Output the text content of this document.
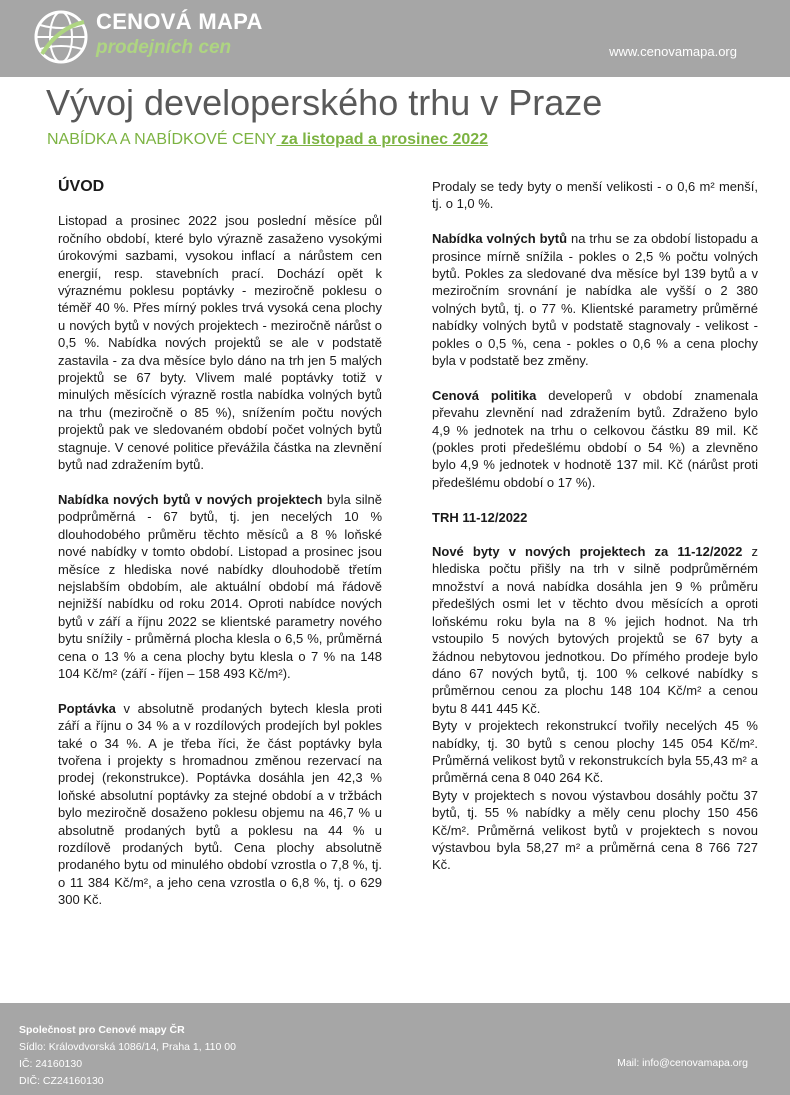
CENOVÁ MAPA
prodejních cen	www.cenovamapa.org
Vývoj developerského trhu v Praze
NABÍDKA A NABÍDKOVÉ CENY za listopad a prosinec 2022
ÚVOD

Listopad a prosinec 2022 jsou poslední měsíce půl ročního období, které bylo výrazně zasaženo vysokými úrokovými sazbami, vysokou inflací a nárůstem cen energií, resp. stavebních prací. Dochází opět k výraznému poklesu poptávky - meziročně poklesu o téměř 40 %. Přes mírný pokles trvá vysoká cena plochy u nových bytů v nových projektech - meziročně nárůst o 0,5 %. Nabídka nových projektů se ale v podstatě zastavila - za dva měsíce bylo dáno na trh jen 5 malých projektů se 67 byty. Vlivem malé poptávky totiž v minulých měsících výrazně rostla nabídka volných bytů na trhu (meziročně o 85 %), snížením počtu nových projektů pak ve sledovaném období počet volných bytů stagnuje. V cenové politice převážila částka na zlevnění bytů nad zdražením bytů.

Nabídka nových bytů v nových projektech byla silně podprůměrná - 67 bytů, tj. jen necelých 10 % dlouhodobého průměru těchto měsíců a 8 % loňské nové nabídky v tomto období. Listopad a prosinec jsou měsíce z hlediska nové nabídky dlouhodobě třetím nejslabším obdobím, ale aktuální období má řádově nejnižší nabídku od roku 2014. Oproti nabídce nových bytů v září a říjnu 2022 se klientské parametry nového bytu snížily - průměrná plocha klesla o 6,5 %, průměrná cena o 13 % a cena plochy bytu klesla o 7 % na 148 104 Kč/m² (září - říjen – 158 493 Kč/m²).

Poptávka v absolutně prodaných bytech klesla proti září a říjnu o 34 % a v rozdílových prodejích byl pokles také o 34 %. A je třeba říci, že část poptávky byla tvořena i projekty s hromadnou změnou rezervací na prodej (rekonstrukce). Poptávka dosáhla jen 42,3 % loňské absolutní poptávky za stejné období a v tržbách bylo meziročně dosaženo poklesu objemu na 46,7 % u absolutně prodaných bytů a poklesu na 44 % u rozdílově prodaných bytů. Cena plochy absolutně prodaného bytu od minulého období vzrostla o 7,8 %, tj. o 11 384 Kč/m², a jeho cena vzrostla o 6,8 %, tj. o 629 300 Kč.

Prodaly se tedy byty o menší velikosti - o 0,6 m² menší, tj. o 1,0 %.

Nabídka volných bytů na trhu se za období listopadu a prosince mírně snížila - pokles o 2,5 % počtu volných bytů. Pokles za sledované dva měsíce byl 139 bytů a v meziročním srovnání je nabídka ale vyšší o 2 380 volných bytů, tj. o 77 %. Klientské parametry průměrné nabídky volných bytů v podstatě stagnovaly - velikost - pokles o 0,5 %, cena - pokles o 0,6 % a cena plochy byla v podstatě bez změny.

Cenová politika developerů v období znamenala převahu zlevnění nad zdražením bytů. Zdraženo bylo 4,9 % jednotek na trhu o celkovou částku 89 mil. Kč (pokles proti předešlému období o 54 %) a zlevněno bylo 4,9 % jednotek v hodnotě 137 mil. Kč (nárůst proti předešlému období o 17 %).

TRH 11-12/2022

Nové byty v nových projektech za 11-12/2022 z hlediska počtu přišly na trh v silně podprůměrném množství a nová nabídka dosáhla jen 9 % průměru předešlých osmi let v těchto dvou měsících a oproti loňskému roku byla na 8 % jejich hodnot. Na trh vstoupilo 5 nových bytových projektů se 67 byty a žádnou nebytovou jednotkou. Do přímého prodeje bylo dáno 67 nových bytů, tj. 100 % celkové nabídky s průměrnou cenou za plochu 148 104 Kč/m² a cenou bytu 8 441 445 Kč.

Byty v projektech rekonstrukcí tvořily necelých 45 % nabídky, tj. 30 bytů s cenou plochy 145 054 Kč/m². Průměrná velikost bytů v rekonstrukcích byla 55,43 m² a průměrná cena 8 040 264 Kč.

Byty v projektech s novou výstavbou dosáhly počtu 37 bytů, tj. 55 % nabídky a měly cenu plochy 150 456 Kč/m². Průměrná velikost bytů v projektech s novou výstavbou byla 58,27 m² a průměrná cena 8 766 727 Kč.

Společnost pro Cenové mapy ČR
Sídlo: Královdvorská 1086/14, Praha 1, 110 00
IČ: 24160130
DIČ: CZ24160130
Mail: info@cenovamapa.org
